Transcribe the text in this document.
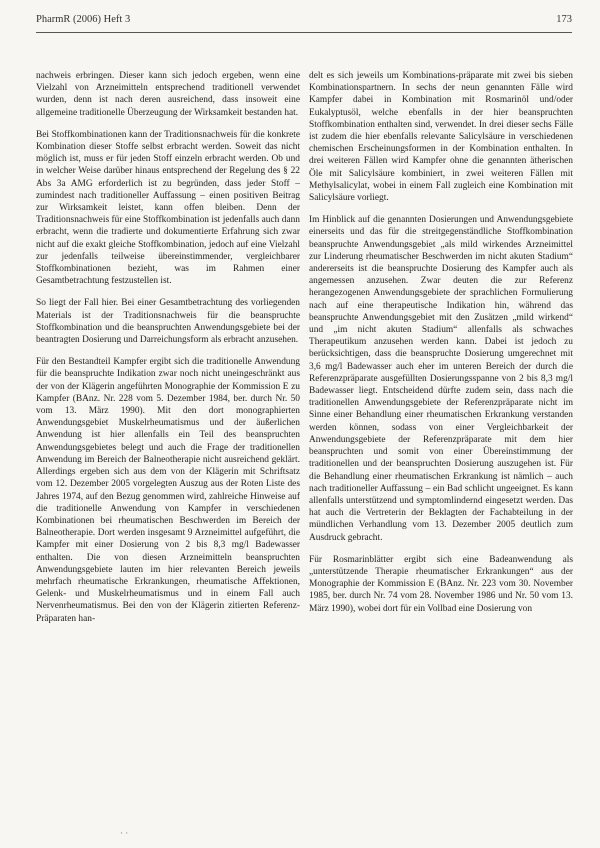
PharmR (2006) Heft 3	173

nachweis erbringen. Dieser kann sich jedoch ergeben, wenn eine Vielzahl von Arzneimitteln entsprechend traditionell verwendet wurden, denn ist nach deren ausreichend, dass insoweit eine allgemeine traditionelle Überzeugung der Wirksamkeit bestanden hat.

Bei Stoffkombinationen kann der Traditionsnachweis für die konkrete Kombination dieser Stoffe selbst erbracht werden. Soweit das nicht möglich ist, muss er für jeden Stoff einzeln erbracht werden. Ob und in welcher Weise darüber hinaus entsprechend der Regelung des § 22 Abs 3a AMG erforderlich ist zu begründen, dass jeder Stoff – zumindest nach traditioneller Auffassung – einen positiven Beitrag zur Wirksamkeit leistet, kann offen bleiben. Denn der Traditionsnachweis für eine Stoffkombination ist jedenfalls auch dann erbracht, wenn die tradierte und dokumentierte Erfahrung sich zwar nicht auf die exakt gleiche Stoffkombination, jedoch auf eine Vielzahl zur jedenfalls teilweise übereinstimmender, vergleichbarer Stoffkombinationen bezieht, was im Rahmen einer Gesamtbetrachtung festzustellen ist.

So liegt der Fall hier. Bei einer Gesamtbetrachtung des vorliegenden Materials ist der Traditionsnachweis für die beanspruchte Stoffkombination und die beanspruchten Anwendungsgebiete bei der beantragten Dosierung und Darreichungsform als erbracht anzusehen.

Für den Bestandteil Kampfer ergibt sich die traditionelle Anwendung für die beanspruchte Indikation zwar noch nicht uneingeschränkt aus der von der Klägerin angeführten Monographie der Kommission E zu Kampfer (BAnz. Nr. 228 vom 5. Dezember 1984, ber. durch Nr. 50 vom 13. März 1990). Mit den dort monographierten Anwendungsgebiet Muskelrheumatismus und der äußerlichen Anwendung ist hier allenfalls ein Teil des beanspruchten Anwendungsgebietes belegt und auch die Frage der traditionellen Anwendung im Bereich der Balneotherapie nicht ausreichend geklärt. Allerdings ergeben sich aus dem von der Klägerin mit Schriftsatz vom 12. Dezember 2005 vorgelegten Auszug aus der Roten Liste des Jahres 1974, auf den Bezug genommen wird, zahlreiche Hinweise auf die traditionelle Anwendung von Kampfer in verschiedenen Kombinationen bei rheumatischen Beschwerden im Bereich der Balneotherapie. Dort werden insgesamt 9 Arzneimittel aufgeführt, die Kampfer mit einer Dosierung von 2 bis 8,3 mg/l Badewasser enthalten. Die von diesen Arzneimitteln beanspruchten Anwendungsgebiete lauten im hier relevanten Bereich jeweils mehrfach rheumatische Erkrankungen, rheumatische Affektionen, Gelenk- und Muskelrheumatismus und in einem Fall auch Nervenrheumatismus. Bei den von der Klägerin zitierten Referenz-Präparaten han-

delt es sich jeweils um Kombinations-präparate mit zwei bis sieben Kombinationspartnern. In sechs der neun genannten Fälle wird Kampfer dabei in Kombination mit Rosmarinöl und/oder Eukalyptusöl, welche ebenfalls in der hier beanspruchten Stoffkombination enthalten sind, verwendet. In drei dieser sechs Fälle ist zudem die hier ebenfalls relevante Salicylsäure in verschiedenen chemischen Erscheinungsformen in der Kombination enthalten. In drei weiteren Fällen wird Kampfer ohne die genannten ätherischen Öle mit Salicylsäure kombiniert, in zwei weiteren Fällen mit Methylsalicylat, wobei in einem Fall zugleich eine Kombination mit Salicylsäure vorliegt.

Im Hinblick auf die genannten Dosierungen und Anwendungsgebiete einerseits und das für die streitgegenständliche Stoffkombination beanspruchte Anwendungsgebiet „als mild wirkendes Arzneimittel zur Linderung rheumatischer Beschwerden im nicht akuten Stadium“ andererseits ist die beanspruchte Dosierung des Kampfer auch als angemessen anzusehen. Zwar deuten die zur Referenz herangezogenen Anwendungsgebiete der sprachlichen Formulierung nach auf eine therapeutische Indikation hin, während das beanspruchte Anwendungsgebiet mit den Zusätzen „mild wirkend“ und „im nicht akuten Stadium“ allenfalls als schwaches Therapeutikum anzusehen werden kann. Dabei ist jedoch zu berücksichtigen, dass die beanspruchte Dosierung umgerechnet mit 3,6 mg/l Badewasser auch eher im unteren Bereich der durch die Referenzpräparate ausgefüllten Dosierungsspanne von 2 bis 8,3 mg/l Badewasser liegt. Entscheidend dürfte zudem sein, dass nach die traditionellen Anwendungsgebiete der Referenzpräparate nicht im Sinne einer Behandlung einer rheumatischen Erkrankung verstanden werden können, sodass von einer Vergleichbarkeit der Anwendungsgebiete der Referenzpräparate mit dem hier beanspruchten und somit von einer Übereinstimmung der traditionellen und der beanspruchten Dosierung auszugehen ist. Für die Behandlung einer rheumatischen Erkrankung ist nämlich – auch nach traditioneller Auffassung – ein Bad schlicht ungeeignet. Es kann allenfalls unterstützend und symptomlindernd eingesetzt werden. Das hat auch die Vertreterin der Beklagten der Fachabteilung in der mündlichen Verhandlung vom 13. Dezember 2005 deutlich zum Ausdruck gebracht.

Für Rosmarinblätter ergibt sich eine Badeanwendung als „unterstützende Therapie rheumatischer Erkrankungen“ aus der Monographie der Kommission E (BAnz. Nr. 223 vom 30. November 1985, ber. durch Nr. 74 vom 28. November 1986 und Nr. 50 vom 13. März 1990), wobei dort für ein Vollbad eine Dosierung von

· ·
